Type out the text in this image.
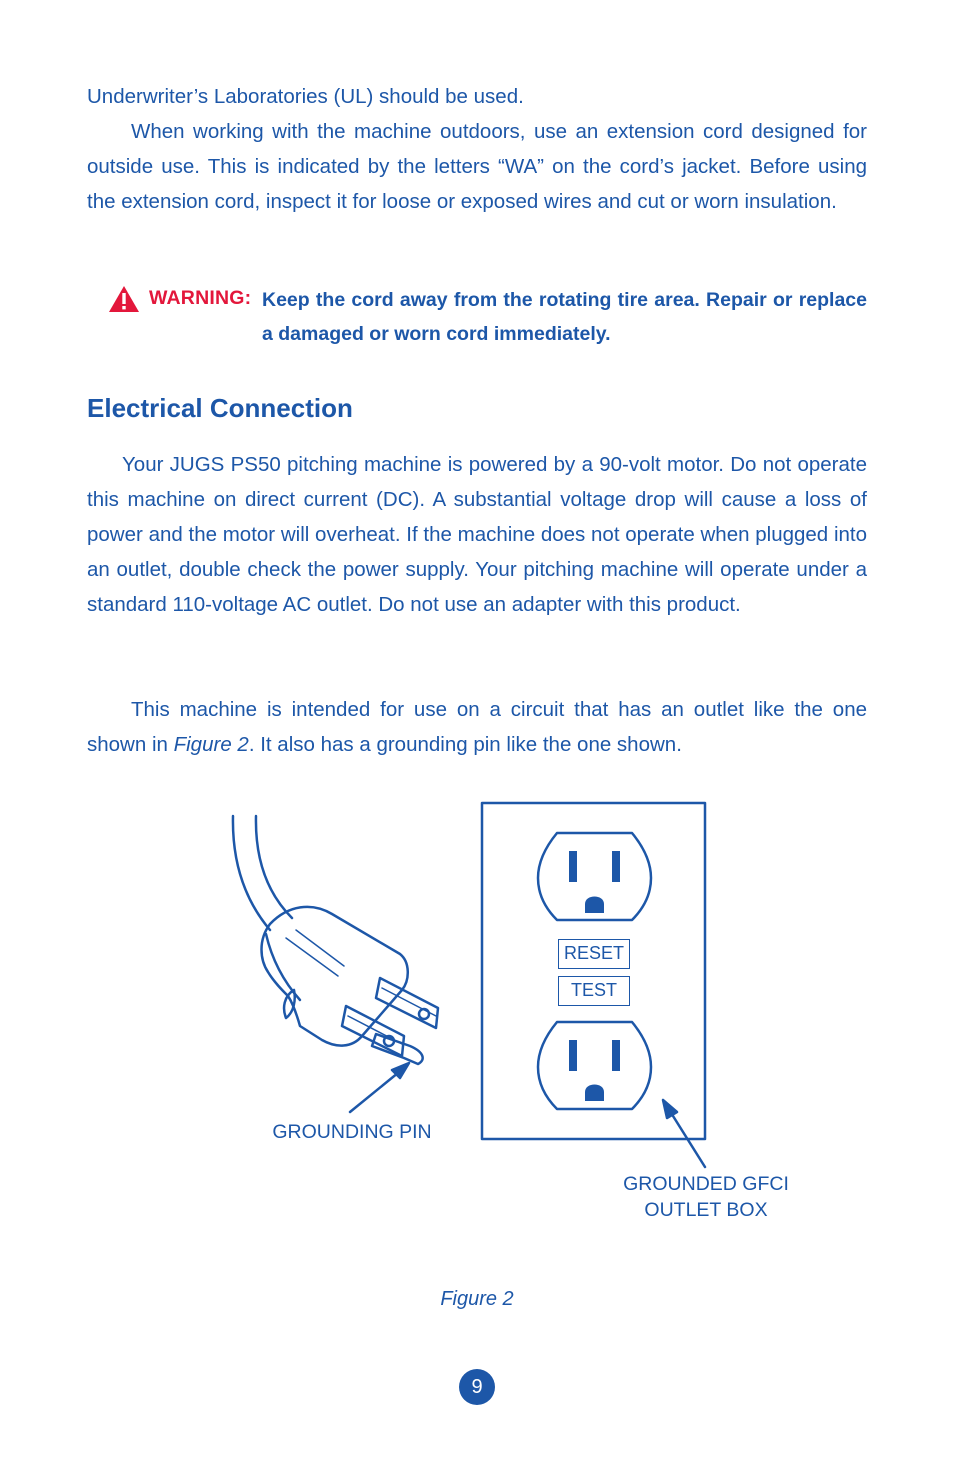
Underwriter’s Laboratories (UL) should be used.

When working with the machine outdoors, use an extension cord designed for outside use. This is indicated by the letters “WA” on the cord’s jacket. Before using the extension cord, inspect it for loose or exposed wires and cut or worn insulation.

WARNING: Keep the cord away from the rotating tire area. Repair or replace a damaged or worn cord immediately.

Electrical Connection

Your JUGS PS50 pitching machine is powered by a 90-volt motor. Do not operate this machine on direct current (DC). A substantial voltage drop will cause a loss of power and the motor will overheat. If the machine does not operate when plugged into an outlet, double check the power supply. Your pitching machine will operate under a standard 110-voltage AC outlet. Do not use an adapter with this product.

This machine is intended for use on a circuit that has an outlet like the one shown in Figure 2. It also has a grounding pin like the one shown.

RESET
TEST
GROUNDING PIN
GROUNDED GFCI
OUTLET BOX
Figure 2
9
